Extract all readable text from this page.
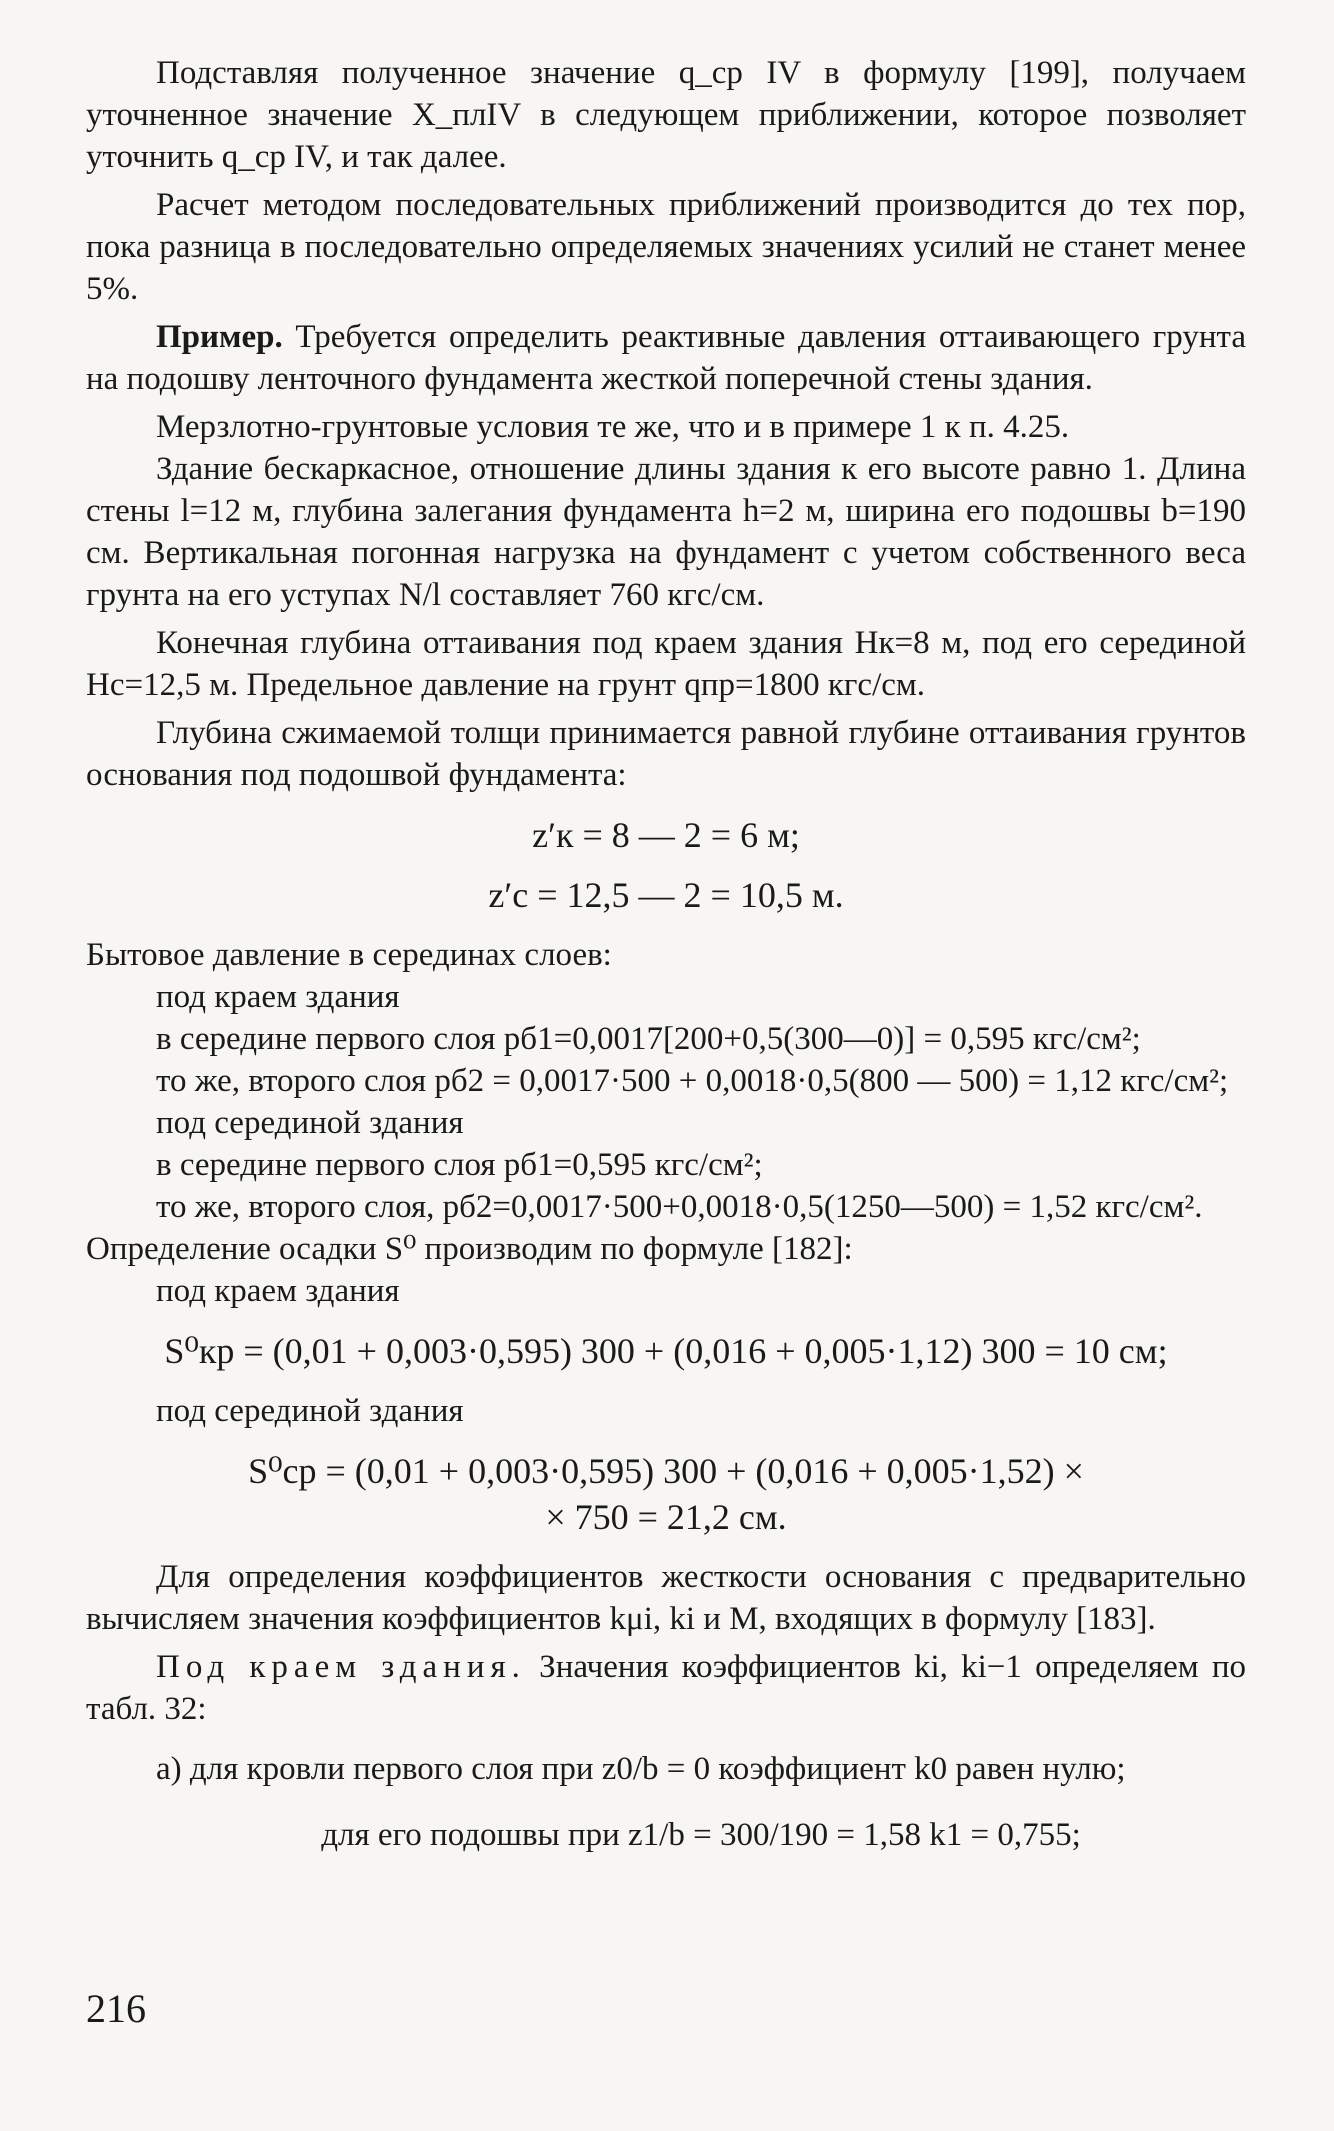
Подставляя полученное значение q_ср IV в формулу [199], получаем уточненное значение X_плIV в следующем приближении, которое позволяет уточнить q_ср IV, и так далее.

Расчет методом последовательных приближений производится до тех пор, пока разница в последовательно определяемых значениях усилий не станет менее 5%.

Пример. Требуется определить реактивные давления оттаивающего грунта на подошву ленточного фундамента жесткой поперечной стены здания.

Мерзлотно-грунтовые условия те же, что и в примере 1 к п. 4.25.

Здание бескаркасное, отношение длины здания к его высоте равно 1. Длина стены l=12 м, глубина залегания фундамента h=2 м, ширина его подошвы b=190 см. Вертикальная погонная нагрузка на фундамент с учетом собственного веса грунта на его уступах N/l составляет 760 кгс/см.

Конечная глубина оттаивания под краем здания Hк=8 м, под его серединой Hс=12,5 м. Предельное давление на грунт qпр=1800 кгс/см.

Глубина сжимаемой толщи принимается равной глубине оттаивания грунтов основания под подошвой фундамента:

z′к = 8 — 2 = 6 м;

z′с = 12,5 — 2 = 10,5 м.

Бытовое давление в серединах слоев:

под краем здания

в середине первого слоя pб1=0,0017[200+0,5(300—0)] = 0,595 кгс/см²;

то же, второго слоя pб2 = 0,0017·500 + 0,0018·0,5(800 — 500) = 1,12 кгс/см²;

под серединой здания

в середине первого слоя pб1=0,595 кгс/см²;

то же, второго слоя, pб2=0,0017·500+0,0018·0,5(1250—500) = 1,52 кгс/см².

Определение осадки S⁰ производим по формуле [182]:

под краем здания

S⁰кр = (0,01 + 0,003·0,595) 300 + (0,016 + 0,005·1,12) 300 = 10 см;

под серединой здания

S⁰ср = (0,01 + 0,003·0,595) 300 + (0,016 + 0,005·1,52) ×

× 750 = 21,2 см.

Для определения коэффициентов жесткости основания c предварительно вычисляем значения коэффициентов kμi, ki и M, входящих в формулу [183].

Под краем здания. Значения коэффициентов ki, ki−1 определяем по табл. 32:

а) для кровли первого слоя при z0/b = 0 коэффициент k0 равен нулю;

для его подошвы при z1/b = 300/190 = 1,58 k1 = 0,755;

216
